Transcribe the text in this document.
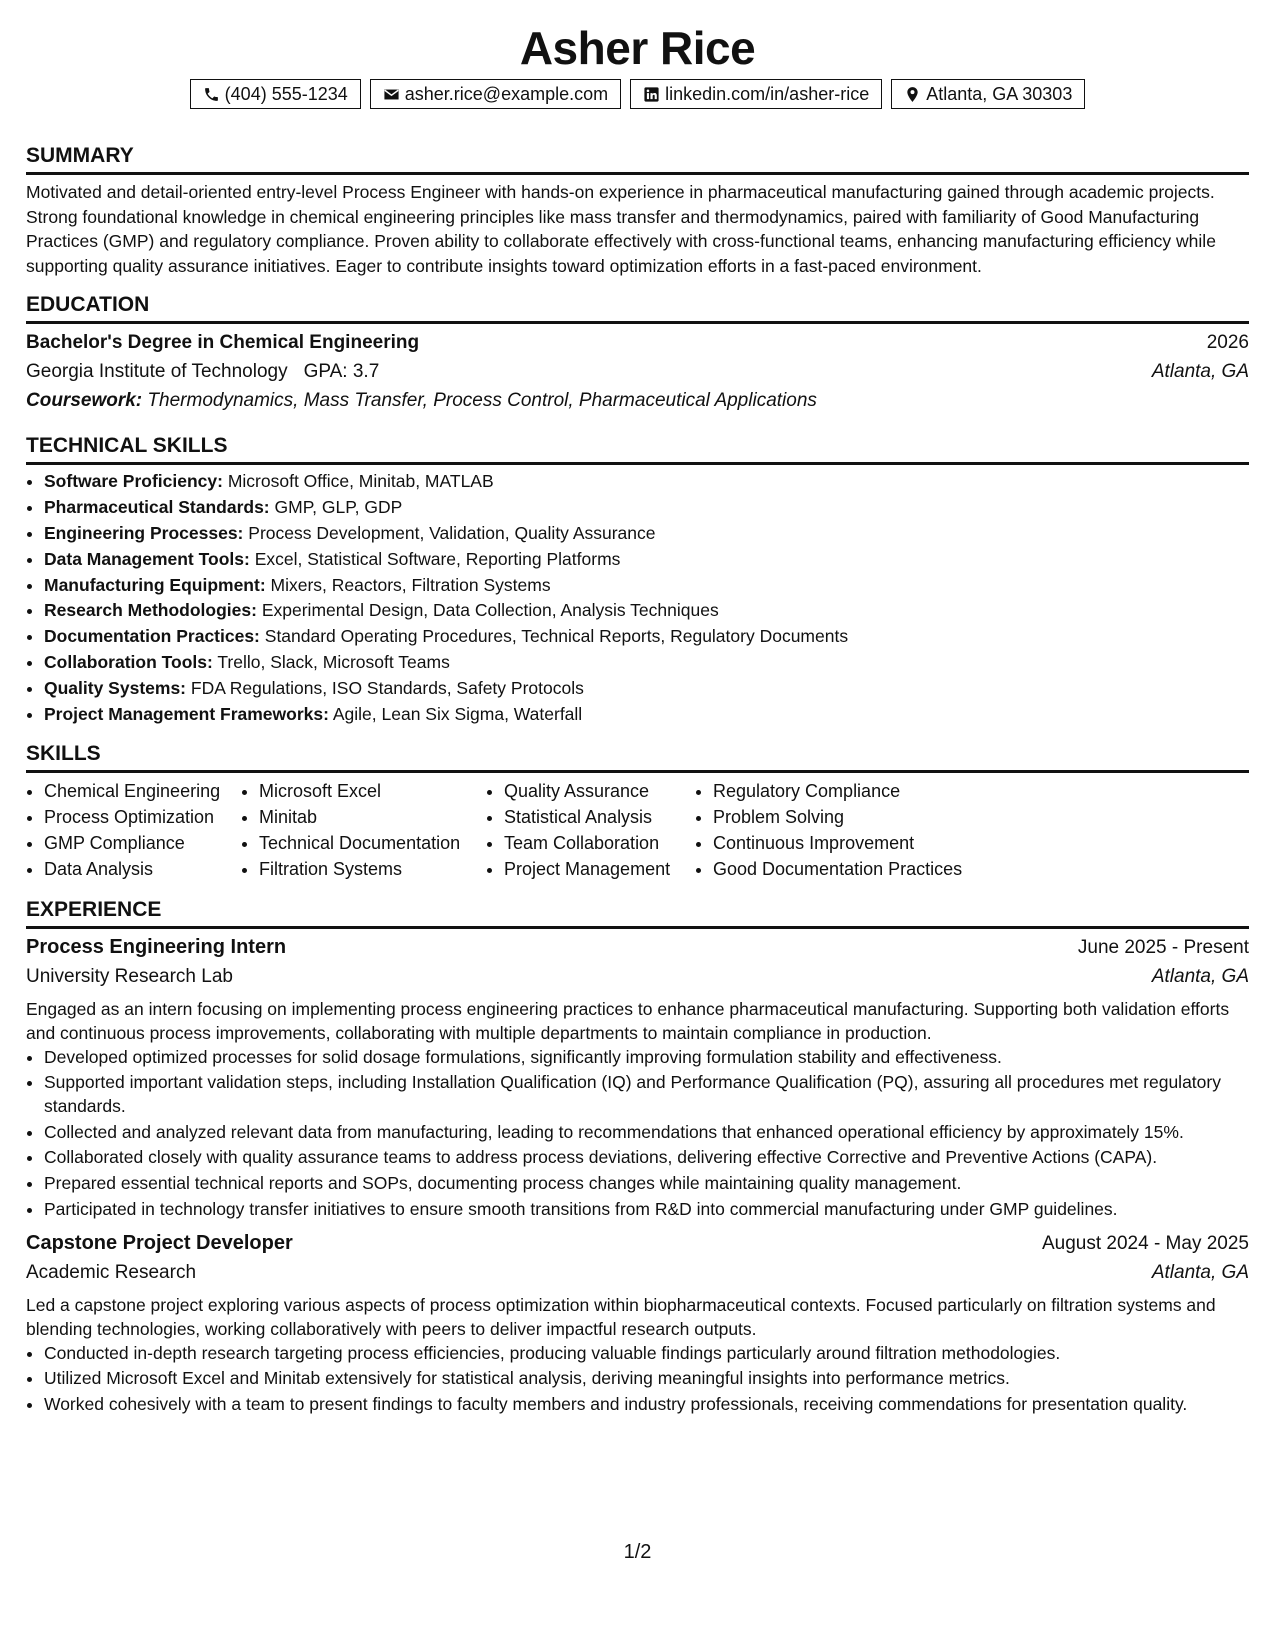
Asher Rice
(404) 555-1234	asher.rice@example.com	linkedin.com/in/asher-rice	Atlanta, GA 30303
SUMMARY

Motivated and detail-oriented entry-level Process Engineer with hands-on experience in pharmaceutical manufacturing gained through academic projects. Strong foundational knowledge in chemical engineering principles like mass transfer and thermodynamics, paired with familiarity of Good Manufacturing Practices (GMP) and regulatory compliance. Proven ability to collaborate effectively with cross-functional teams, enhancing manufacturing efficiency while supporting quality assurance initiatives. Eager to contribute insights toward optimization efforts in a fast-paced environment.

EDUCATION
Bachelor's Degree in Chemical Engineering	2026
Georgia Institute of Technology GPA: 3.7	Atlanta, GA
Coursework: Thermodynamics, Mass Transfer, Process Control, Pharmaceutical Applications
TECHNICAL SKILLS
• Software Proficiency: Microsoft Office, Minitab, MATLAB
• Pharmaceutical Standards: GMP, GLP, GDP
• Engineering Processes: Process Development, Validation, Quality Assurance
• Data Management Tools: Excel, Statistical Software, Reporting Platforms
• Manufacturing Equipment: Mixers, Reactors, Filtration Systems
• Research Methodologies: Experimental Design, Data Collection, Analysis Techniques
• Documentation Practices: Standard Operating Procedures, Technical Reports, Regulatory Documents
• Collaboration Tools: Trello, Slack, Microsoft Teams
• Quality Systems: FDA Regulations, ISO Standards, Safety Protocols
• Project Management Frameworks: Agile, Lean Six Sigma, Waterfall
SKILLS
• Chemical Engineering
• Process Optimization
• GMP Compliance
• Data Analysis
• Microsoft Excel
• Minitab
• Technical Documentation
• Filtration Systems
• Quality Assurance
• Statistical Analysis
• Team Collaboration
• Project Management
• Regulatory Compliance
• Problem Solving
• Continuous Improvement
• Good Documentation Practices
EXPERIENCE
Process Engineering Intern	June 2025 - Present
University Research Lab	Atlanta, GA

Engaged as an intern focusing on implementing process engineering practices to enhance pharmaceutical manufacturing. Supporting both validation efforts and continuous process improvements, collaborating with multiple departments to maintain compliance in production.

• Developed optimized processes for solid dosage formulations, significantly improving formulation stability and effectiveness.
• Supported important validation steps, including Installation Qualification (IQ) and Performance Qualification (PQ), assuring all procedures met regulatory standards.
• Collected and analyzed relevant data from manufacturing, leading to recommendations that enhanced operational efficiency by approximately 15%.
• Collaborated closely with quality assurance teams to address process deviations, delivering effective Corrective and Preventive Actions (CAPA).
• Prepared essential technical reports and SOPs, documenting process changes while maintaining quality management.
• Participated in technology transfer initiatives to ensure smooth transitions from R&D into commercial manufacturing under GMP guidelines.
Capstone Project Developer	August 2024 - May 2025
Academic Research	Atlanta, GA

Led a capstone project exploring various aspects of process optimization within biopharmaceutical contexts. Focused particularly on filtration systems and blending technologies, working collaboratively with peers to deliver impactful research outputs.

• Conducted in-depth research targeting process efficiencies, producing valuable findings particularly around filtration methodologies.
• Utilized Microsoft Excel and Minitab extensively for statistical analysis, deriving meaningful insights into performance metrics.
• Worked cohesively with a team to present findings to faculty members and industry professionals, receiving commendations for presentation quality.
1/2
